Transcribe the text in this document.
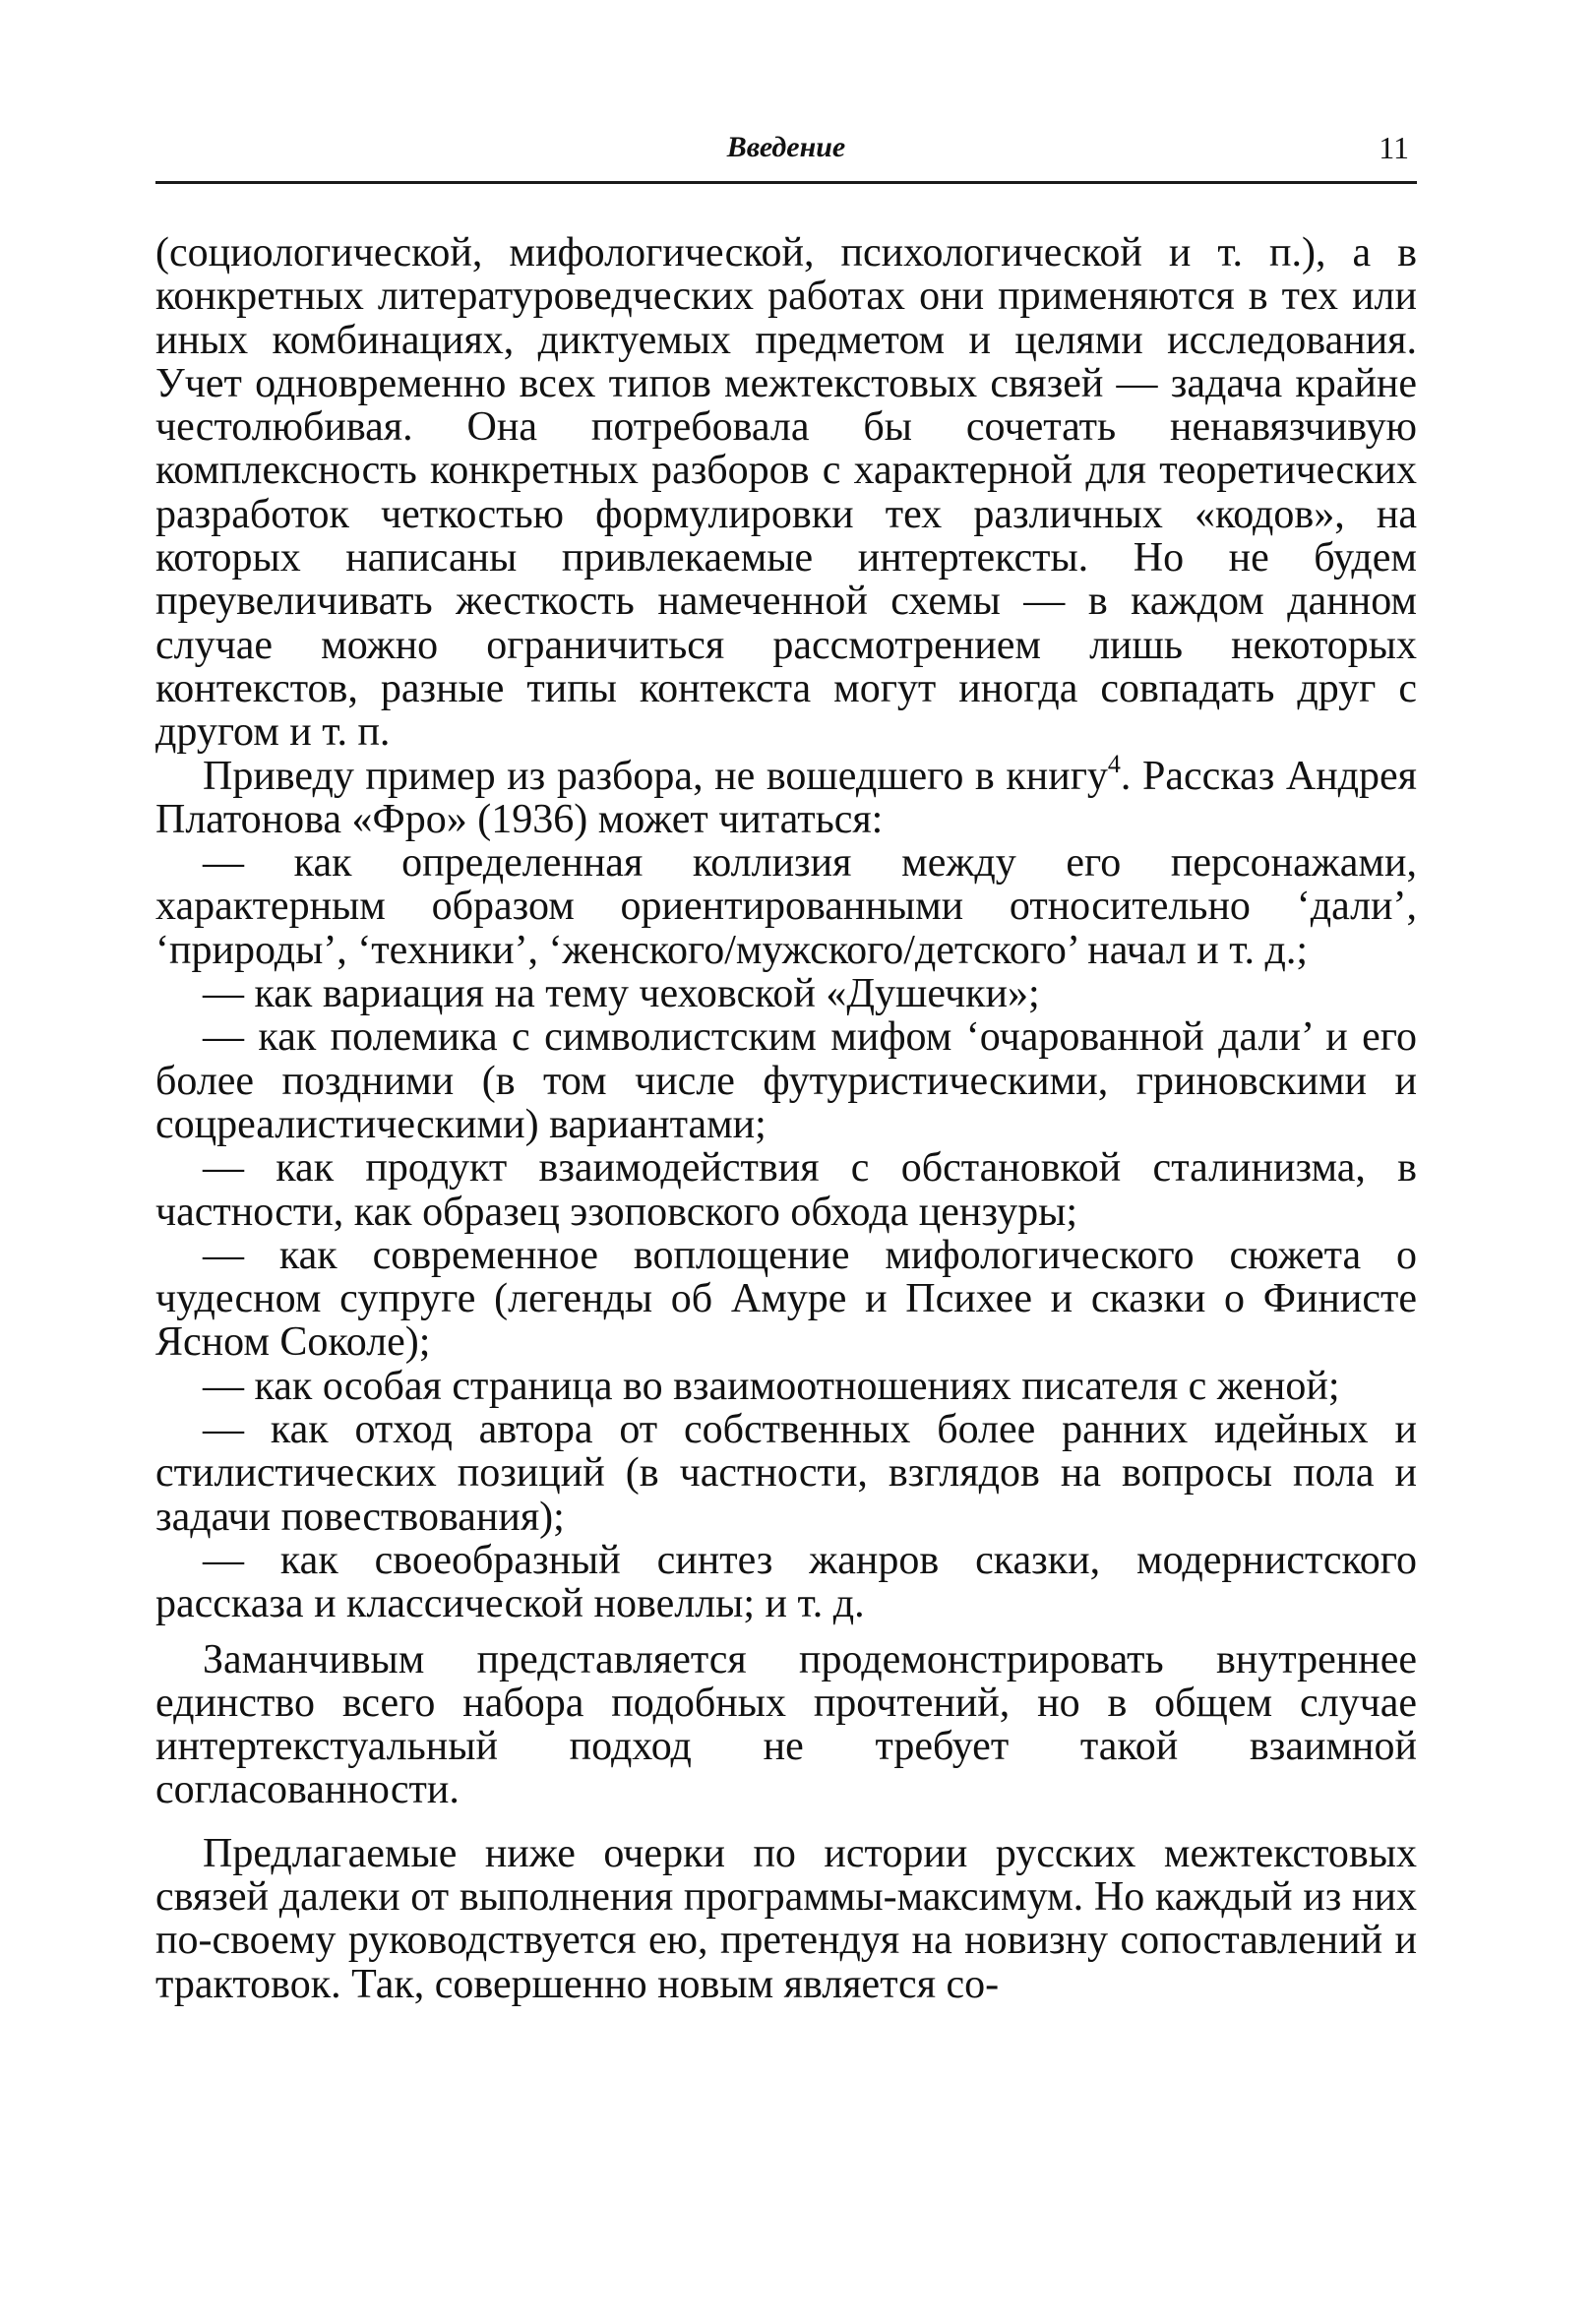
Введение	11

(социологической, мифологической, психологической и т. п.), а в конкретных литературоведческих работах они применяются в тех или иных комбинациях, диктуемых предметом и целями исследования. Учет одновременно всех типов межтекстовых связей — задача крайне честолюбивая. Она потребовала бы сочетать ненавязчивую комплексность конкретных разборов с характерной для теоретических разработок четкостью формулировки тех различных «кодов», на которых написаны привлекаемые интертексты. Но не будем преувеличивать жесткость намеченной схемы — в каждом данном случае можно ограничиться рассмотрением лишь некоторых контекстов, разные типы контекста могут иногда совпадать друг с другом и т. п.

Приведу пример из разбора, не вошедшего в книгу$^4$. Рассказ Андрея Платонова «Фро» (1936) может читаться:

— как определенная коллизия между его персонажами, характерным образом ориентированными относительно ‘дали’, ‘природы’, ‘техники’, ‘женского/мужского/детского’ начал и т. д.;

— как вариация на тему чеховской «Душечки»;

— как полемика с символистским мифом ‘очарованной дали’ и его более поздними (в том числе футуристическими, гриновскими и соцреалистическими) вариантами;

— как продукт взаимодействия с обстановкой сталинизма, в частности, как образец эзоповского обхода цензуры;

— как современное воплощение мифологического сюжета о чудесном супруге (легенды об Амуре и Психее и сказки о Финисте Ясном Соколе);

— как особая страница во взаимоотношениях писателя с женой;

— как отход автора от собственных более ранних идейных и стилистических позиций (в частности, взглядов на вопросы пола и задачи повествования);

— как своеобразный синтез жанров сказки, модернистского рассказа и классической новеллы; и т. д.

Заманчивым представляется продемонстрировать внутреннее единство всего набора подобных прочтений, но в общем случае интертекстуальный подход не требует такой взаимной согласованности.

Предлагаемые ниже очерки по истории русских межтекстовых связей далеки от выполнения программы-максимум. Но каждый из них по-своему руководствуется ею, претендуя на новизну сопоставлений и трактовок. Так, совершенно новым является со-
